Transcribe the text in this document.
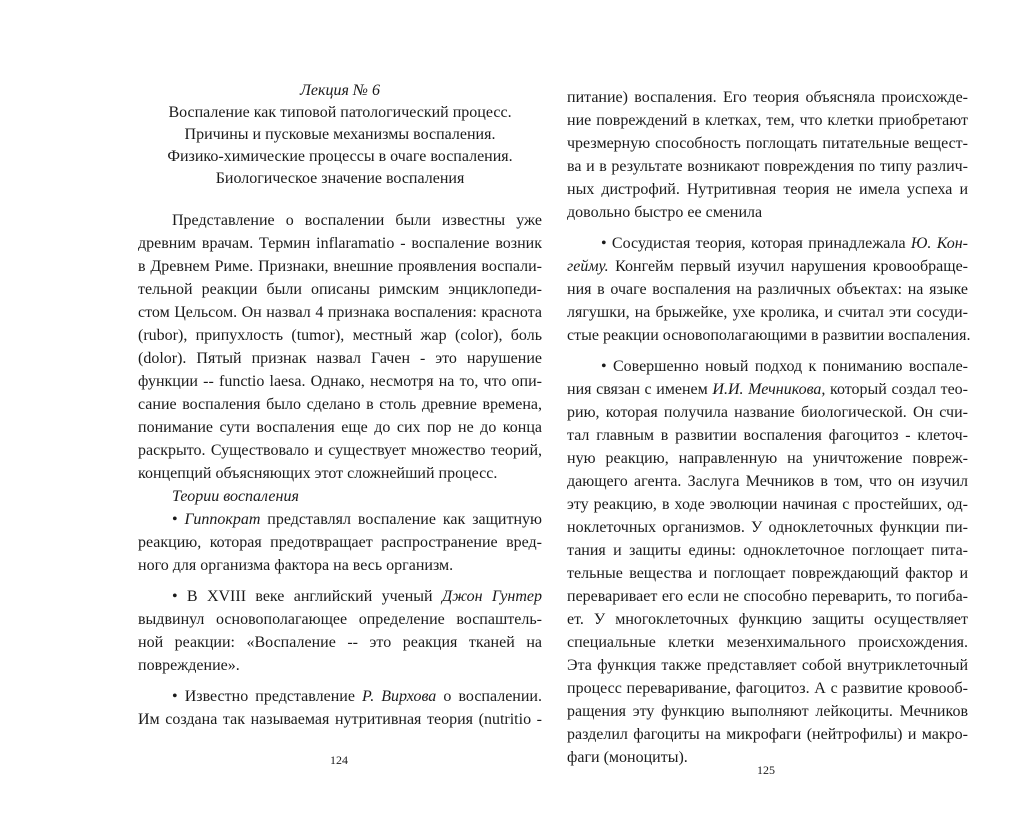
Лекция № 6
Воспаление как типовой патологический процесс.
Причины и пусковые механизмы воспаления.
Физико-химические процессы в очаге воспаления.
Биологическое значение воспаления
Представление о воспалении были известны уже
древним врачам. Термин inflaramatio - воспаление возник
в Древнем Риме. Признаки, внешние проявления воспали-
тельной реакции были описаны римским энциклопеди-
стом Цельсом. Он назвал 4 признака воспаления: краснота
(rubor), припухлость (tumor), местный жар (color), боль
(dolor). Пятый признак назвал Гачен - это нарушение
функции -- functio laesa. Однако, несмотря на то, что опи-
сание воспаления было сделано в столь древние времена,
понимание сути воспаления еще до сих пор не до конца
раскрыто. Существовало и существует множество теорий,
концепций объясняющих этот сложнейший процесс.
Теории воспаления
• Гиппократ представлял воспаление как защитную
реакцию, которая предотвращает распространение вред-
ного для организма фактора на весь организм.
• В XVIII веке английский ученый Джон Гунтер
выдвинул основополагающее определение воспаштель-
ной реакции: «Воспаление -- это реакция тканей на
повреждение».
• Известно представление Р. Вирхова о воспалении.
Им создана так называемая нутритивная теория (nutritio -
124
питание) воспаления. Его теория объясняла происхожде-
ние повреждений в клетках, тем, что клетки приобретают
чрезмерную способность поглощать питательные вещест-
ва и в результате возникают повреждения по типу различ-
ных дистрофий. Нутритивная теория не имела успеха и
довольно быстро ее сменила
• Сосудистая теория, которая принадлежала Ю. Кон-
гейму. Конгейм первый изучил нарушения кровообраще-
ния в очаге воспаления на различных объектах: на языке
лягушки, на брыжейке, ухе кролика, и считал эти сосуди-
стые реакции основополагающими в развитии воспаления.
• Совершенно новый подход к пониманию воспале-
ния связан с именем И.И. Мечникова, который создал тео-
рию, которая получила название биологической. Он счи-
тал главным в развитии воспаления фагоцитоз - клеточ-
ную реакцию, направленную на уничтожение поврeж-
дающего агента. Заслуга Мечников в том, что он изучил
эту реакцию, в ходе эволюции начиная с простейших, од-
ноклеточных организмов. У одноклеточных функции пи-
тания и защиты едины: одноклеточное поглощает пита-
тельные вещества и поглощает повреждающий фактор и
переваривает его если не способно переварить, то погиба-
ет. У многоклеточных функцию защиты осуществляет
специальные клетки мезенхимального происхождения.
Эта функция также представляет собой внутриклеточный
процесс переваривание, фагоцитоз. А с развитие кровооб-
ращения эту функцию выполняют лейкоциты. Мечников
разделил фагоциты на микрофаги (нейтрофилы) и макро-
фаги (моноциты).
125
